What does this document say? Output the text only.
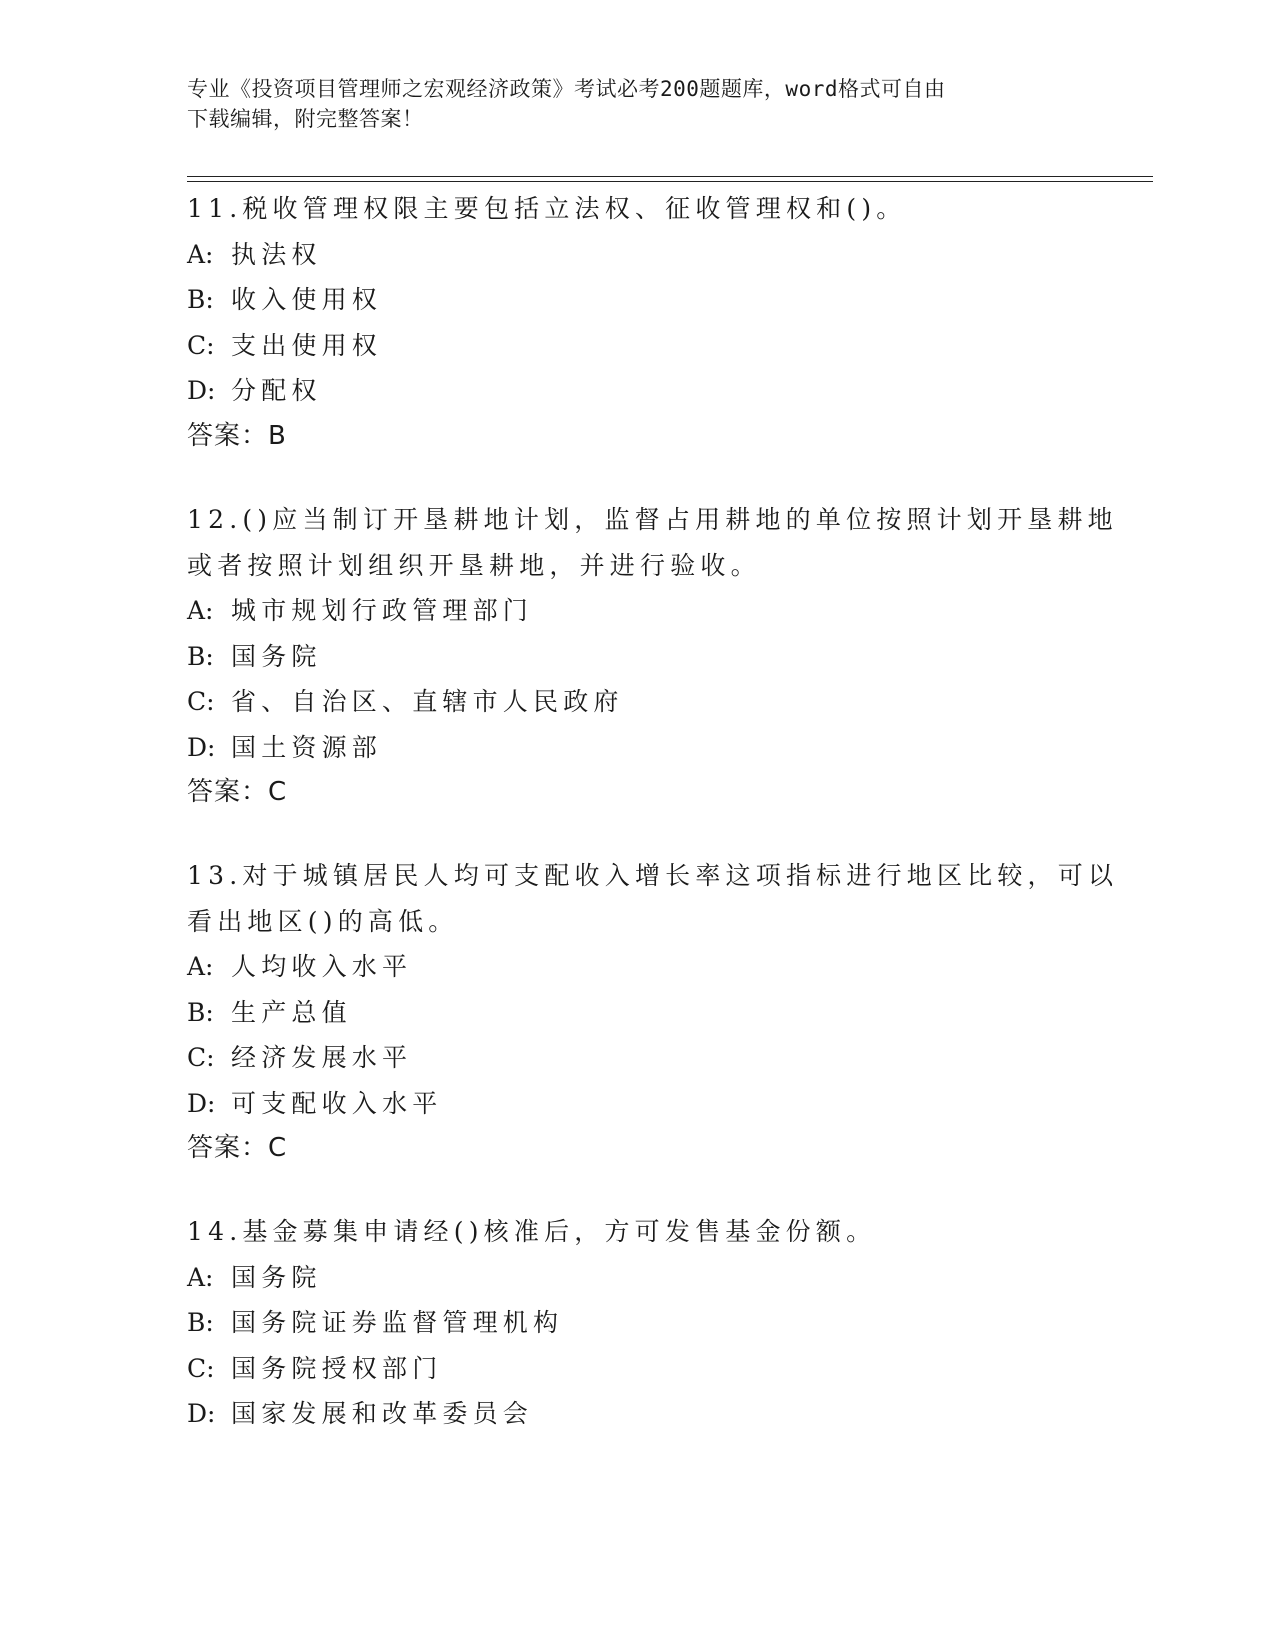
专业《投资项目管理师之宏观经济政策》考试必考200题题库，word格式可自由
下载编辑，附完整答案！
11.税收管理权限主要包括立法权、征收管理权和()。
A: 执法权
B: 收入使用权
C: 支出使用权
D: 分配权
答案：B
12.()应当制订开垦耕地计划，监督占用耕地的单位按照计划开垦耕地
或者按照计划组织开垦耕地，并进行验收。
A: 城市规划行政管理部门
B: 国务院
C: 省、自治区、直辖市人民政府
D: 国土资源部
答案：C
13.对于城镇居民人均可支配收入增长率这项指标进行地区比较，可以
看出地区()的高低。
A: 人均收入水平
B: 生产总值
C: 经济发展水平
D: 可支配收入水平
答案：C
14.基金募集申请经()核准后，方可发售基金份额。
A: 国务院
B: 国务院证券监督管理机构
C: 国务院授权部门
D: 国家发展和改革委员会
